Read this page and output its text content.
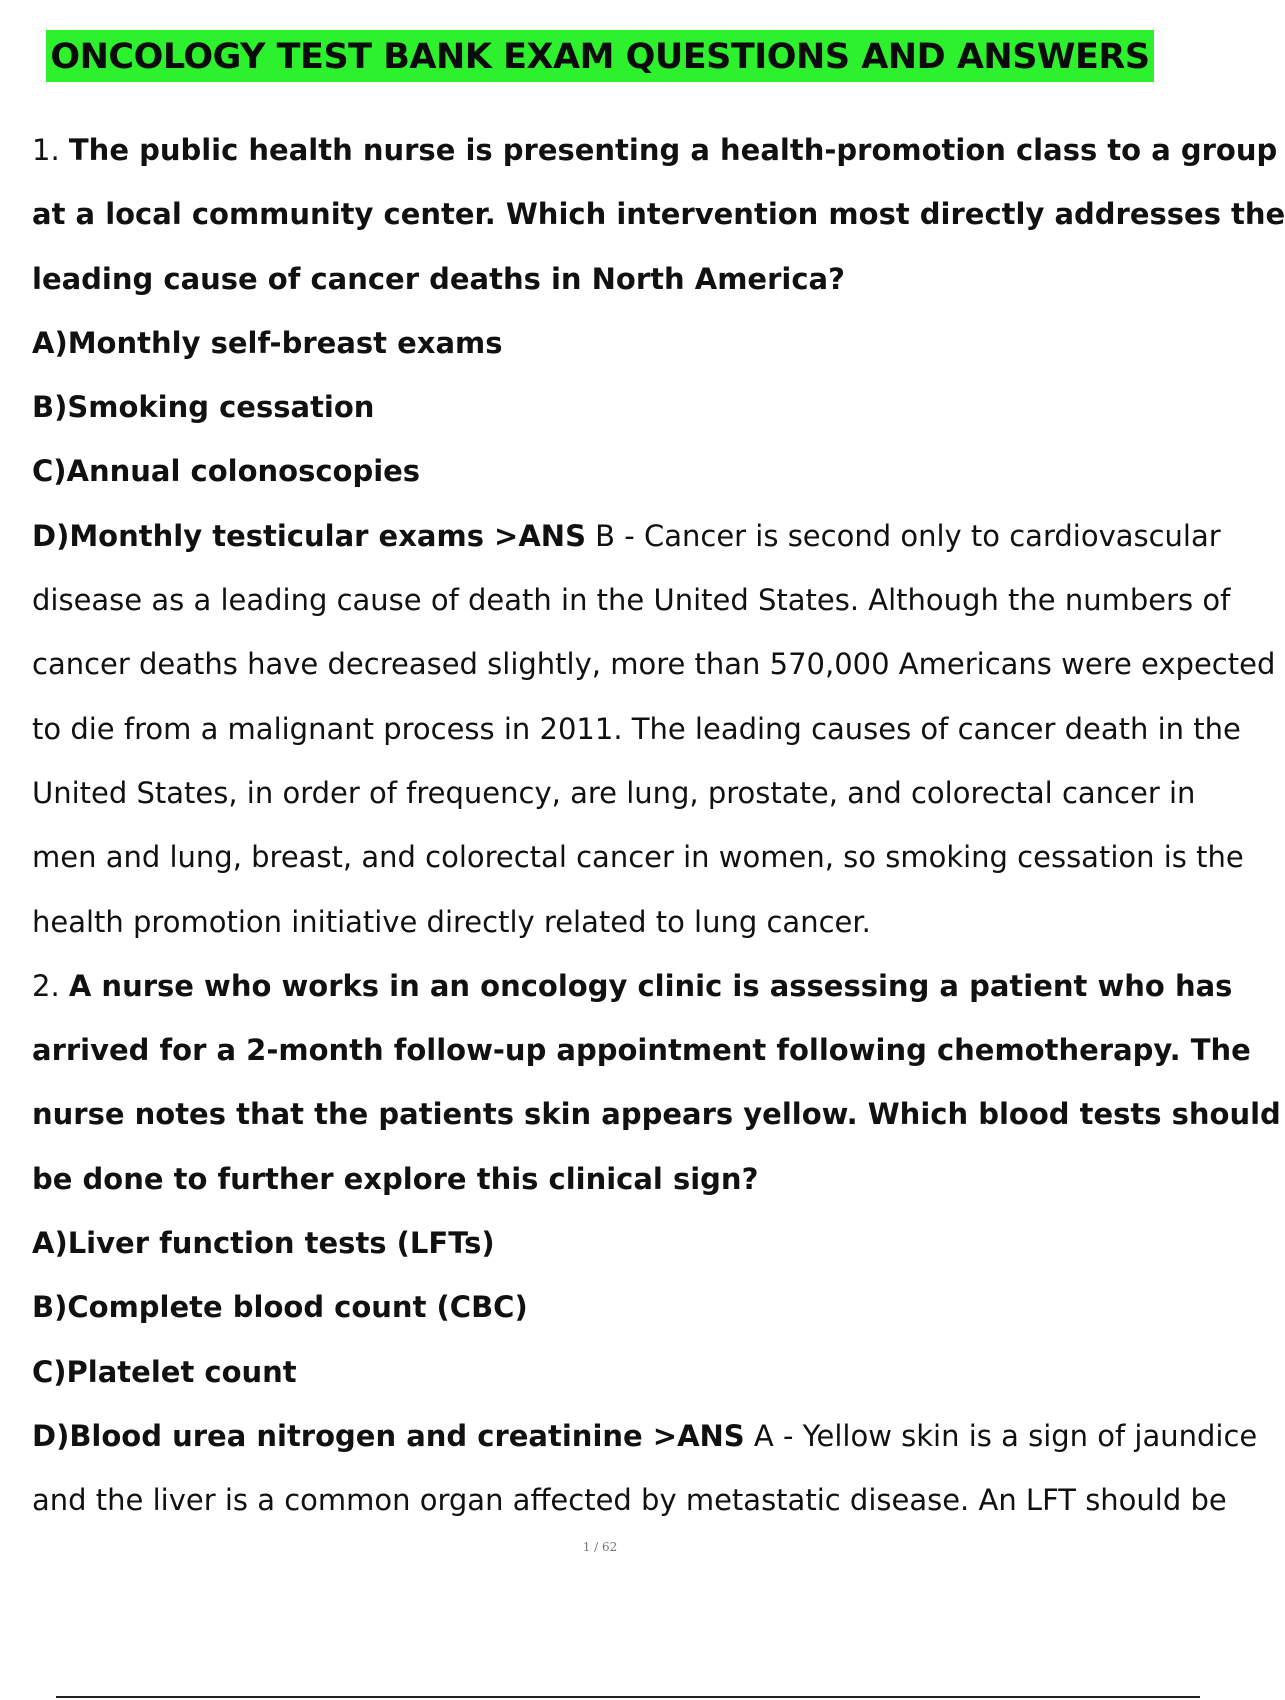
ONCOLOGY TEST BANK EXAM QUESTIONS AND ANSWERS
1. The public health nurse is presenting a health-promotion class to a group
at a local community center. Which intervention most directly addresses the
leading cause of cancer deaths in North America?
A)Monthly self-breast exams
B)Smoking cessation
C)Annual colonoscopies
D)Monthly testicular exams >ANS B - Cancer is second only to cardiovascular
disease as a leading cause of death in the United States. Although the numbers of
cancer deaths have decreased slightly, more than 570,000 Americans were expected
to die from a malignant process in 2011. The leading causes of cancer death in the
United States, in order of frequency, are lung, prostate, and colorectal cancer in
men and lung, breast, and colorectal cancer in women, so smoking cessation is the
health promotion initiative directly related to lung cancer.
2. A nurse who works in an oncology clinic is assessing a patient who has
arrived for a 2-month follow-up appointment following chemotherapy. The
nurse notes that the patients skin appears yellow. Which blood tests should
be done to further explore this clinical sign?
A)Liver function tests (LFTs)
B)Complete blood count (CBC)
C)Platelet count
D)Blood urea nitrogen and creatinine >ANS A - Yellow skin is a sign of jaundice
and the liver is a common organ affected by metastatic disease. An LFT should be
1 / 62
